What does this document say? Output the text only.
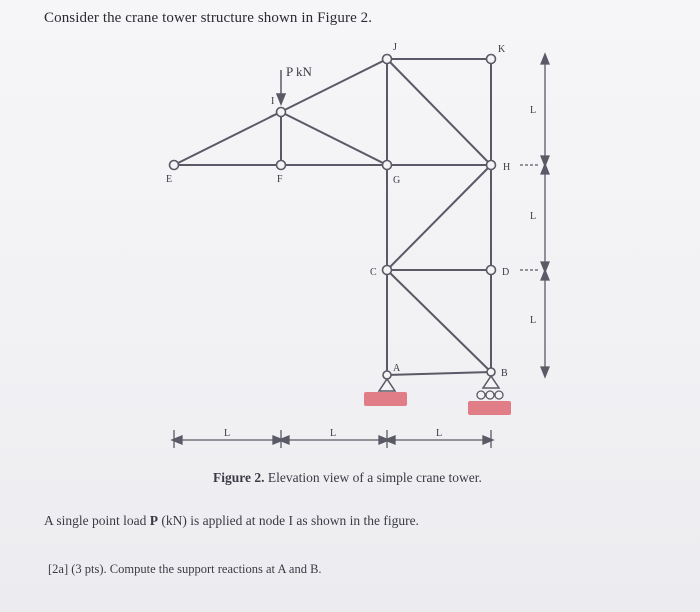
Consider the crane tower structure shown in Figure 2.
P kN
J	K
I
E	F	G
H
C	D
A	B
L
L
L
L	L	L
Figure 2. Elevation view of a simple crane tower.
A single point load P (kN) is applied at node I as shown in the figure.
[2a] (3 pts). Compute the support reactions at A and B.
